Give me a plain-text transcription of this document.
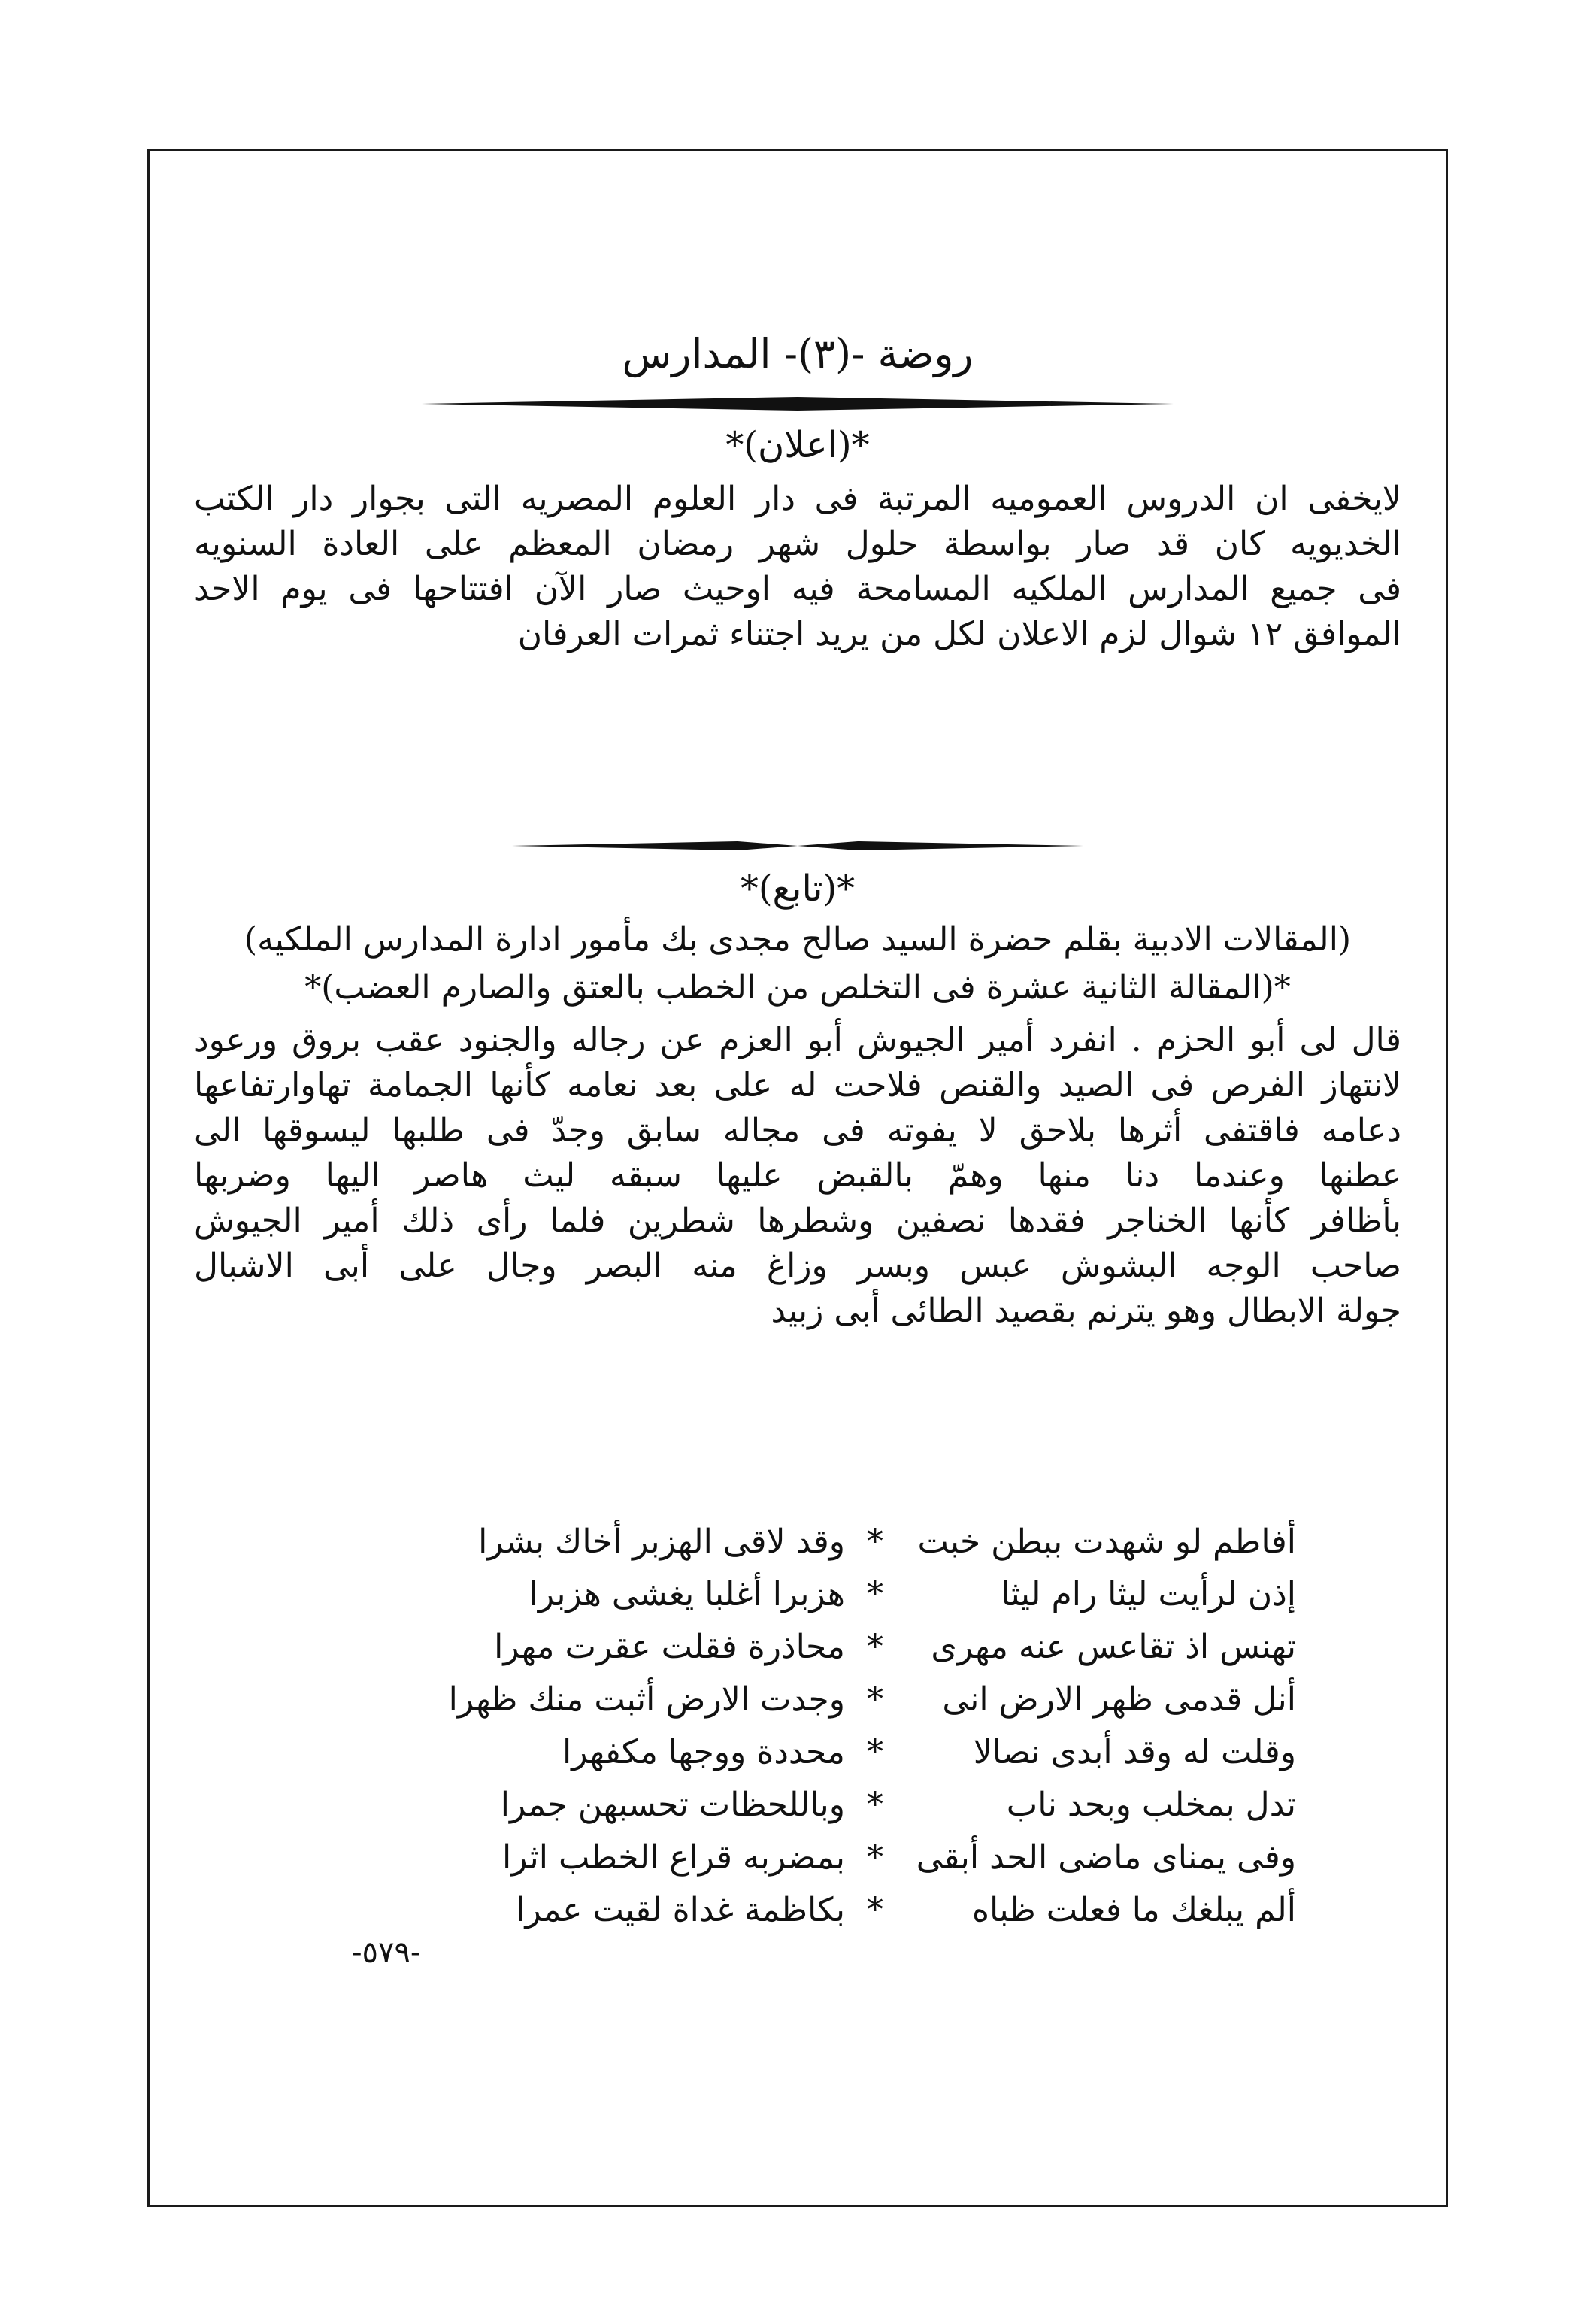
روضة -(٣)- المدارس
*(اعلان)*
لايخفى ان الدروس العموميه المرتبة فى دار العلوم المصريه التى بجوار دار الكتب
الخديويه كان قد صار بواسطة حلول شهر رمضان المعظم على العادة السنويه
فى جميع المدارس الملكيه المسامحة فيه اوحيث صار الآن افتتاحها فى يوم الاحد
الموافق ١٢ شوال لزم الاعلان لكل من يريد اجتناء ثمرات العرفان
*(تابع)*
(المقالات الادبية بقلم حضرة السيد صالح مجدى بك مأمور ادارة المدارس الملكيه)
*(المقالة الثانية عشرة فى التخلص من الخطب بالعتق والصارم العضب)*
قال لى أبو الحزم . انفرد أمير الجيوش أبو العزم عن رجاله والجنود عقب بروق ورعود
لانتهاز الفرص فى الصيد والقنص فلاحت له على بعد نعامه كأنها الجمامة تهاوارتفاعها
دعامه فاقتفى أثرها بلاحق لا يفوته فى مجاله سابق وجدّ فى طلبها ليسوقها الى
عطنها وعندما دنا منها وهمّ بالقبض عليها سبقه ليث هاصر اليها وضربها
بأظافر كأنها الخناجر فقدها نصفين وشطرها شطرين فلما رأى ذلك أمير الجيوش
صاحب الوجه البشوش عبس وبسر وزاغ منه البصر وجال على أبى الاشبال
جولة الابطال وهو يترنم بقصيد الطائى أبى زبيد
أفاطم لو شهدت ببطن خبت
*
وقد لاقى الهزبر أخاك بشرا
إذن لرأيت ليثا رام ليثا
*
هزبرا أغلبا يغشى هزبرا
تهنس اذ تقاعس عنه مهرى
*
محاذرة فقلت عقرت مهرا
أنل قدمى ظهر الارض انى
*
وجدت الارض أثبت منك ظهرا
وقلت له وقد أبدى نصالا
*
محددة ووجها مكفهرا
تدل بمخلب وبحد ناب
*
وباللحظات تحسبهن جمرا
وفى يمناى ماضى الحد أبقى
*
بمضربه قراع الخطب اثرا
ألم يبلغك ما فعلت ظباه
*
بكاظمة غداة لقيت عمرا
-٥٧٩-
